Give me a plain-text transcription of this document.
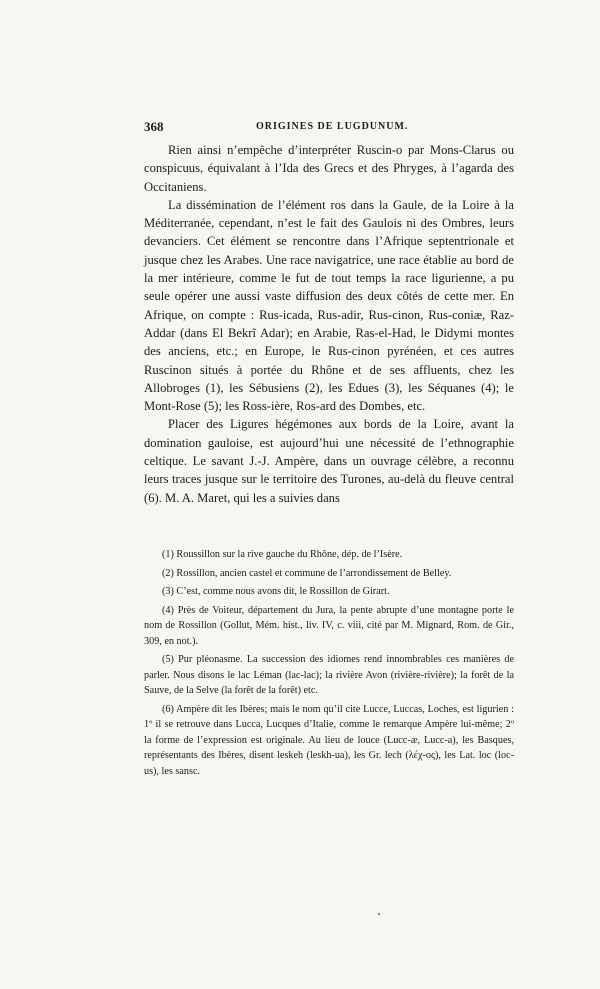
368	ORIGINES DE LUGDUNUM.

Rien ainsi n’empêche d’interpréter Ruscin-o par Mons-Clarus ou conspicuus, équivalant à l’Ida des Grecs et des Phryges, à l’agarda des Occitaniens.

La dissémination de l’élément ros dans la Gaule, de la Loire à la Méditerranée, cependant, n’est le fait des Gaulois ni des Ombres, leurs devanciers. Cet élément se rencontre dans l’Afrique septentrionale et jusque chez les Arabes. Une race navigatrice, une race établie au bord de la mer intérieure, comme le fut de tout temps la race ligurienne, a pu seule opérer une aussi vaste diffusion des deux côtés de cette mer. En Afrique, on compte : Rus-icada, Rus-adir, Rus-cinon, Rus-coniæ, Raz-Addar (dans El Bekrî Adar); en Arabie, Ras-el-Had, le Didymi montes des anciens, etc.; en Europe, le Rus-cinon pyrénéen, et ces autres Ruscinon situés à portée du Rhône et de ses affluents, chez les Allobroges (1), les Sébusiens (2), les Edues (3), les Séquanes (4); le Mont-Rose (5); les Ross-ière, Ros-ard des Dombes, etc.

Placer des Ligures hégémones aux bords de la Loire, avant la domination gauloise, est aujourd’hui une nécessité de l’ethnographie celtique. Le savant J.-J. Ampère, dans un ouvrage célèbre, a reconnu leurs traces jusque sur le territoire des Turones, au-delà du fleuve central (6). M. A. Maret, qui les a suivies dans

(1) Roussillon sur la rive gauche du Rhône, dép. de l’Isère.

(2) Rossillon, ancien castel et commune de l’arrondissement de Belley.

(3) C’est, comme nous avons dit, le Rossillon de Girart.

(4) Près de Voiteur, département du Jura, la pente abrupte d’une montagne porte le nom de Rossillon (Gollut, Mém. hist., liv. IV, c. viii, cité par M. Mignard, Rom. de Gir., 309, en not.).

(5) Pur pléonasme. La succession des idiomes rend innombrables ces manières de parler. Nous disons le lac Léman (lac-lac); la rivière Avon (rivière-rivière); la forêt de la Sauve, de la Selve (la forêt de la forêt) etc.

(6) Ampère dit les Ibères; mais le nom qu’il cite Lucce, Luccas, Loches, est ligurien : 1º il se retrouve dans Lucca, Lucques d’Italie, comme le remarque Ampère lui-même; 2º la forme de l’expression est originale. Au lieu de louce (Lucc-æ, Lucc-a), les Basques, représentants des Ibères, disent leskeh (leskh-ua), les Gr. lech (λέχ-ος), les Lat. loc (loc-us), les sansc.
